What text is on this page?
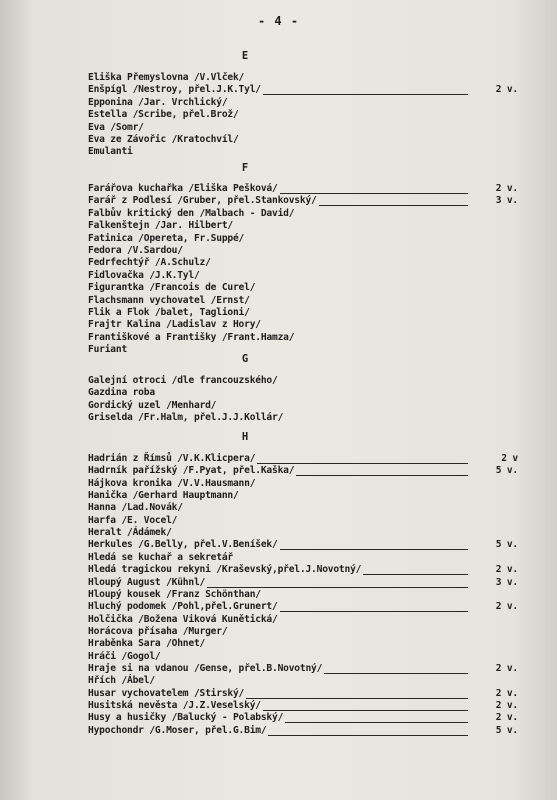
- 4 -
E
Eliška Přemyslovna /V.Vlček/
Enšpígl /Nestroy, přel.J.K.Tyl/	2 v.
Epponina /Jar. Vrchlický/
Estella /Scribe, přel.Brož/
Eva /Somr/
Eva ze Závořic /Kratochvíl/
Emulanti
F
Farářova kuchařka /Eliška Pešková/	2 v.
Farář z Podlesí /Gruber, přel.Stankovský/	3 v.
Falbův kritický den /Malbach - David/
Falkenštejn /Jar. Hilbert/
Fatinica /Opereta, Fr.Suppé/
Fedora /V.Sardou/
Fedrfechtýř /A.Schulz/
Fidlovačka /J.K.Tyl/
Figurantka /Francois de Curel/
Flachsmann vychovatel /Ernst/
Flik a Flok /balet, Taglioni/
Frajtr Kalina /Ladislav z Hory/
Františkové a Františky /Frant.Hamza/
Furiant
G
Galejní otroci /dle francouzského/
Gazdina roba
Gordický uzel /Menhard/
Griselda /Fr.Halm, přel.J.J.Kollár/
H
Hadrián z Římsů /V.K.Klicpera/	2 v
Hadrník pařížský /F.Pyat, přel.Kaška/	5 v.
Hájkova kronika /V.V.Hausmann/
Hanička /Gerhard Hauptmann/
Hanna /Lad.Novák/
Harfa /E. Vocel/
Heralt /Ádámek/
Herkules /G.Belly, přel.V.Beníšek/	5 v.
Hledá se kuchař a sekretář
Hledá tragickou rekyni /Kraševský,přel.J.Novotný/	2 v.
Hloupý August /Kühnl/	3 v.
Hloupý kousek /Franz Schönthan/
Hluchý podomek /Pohl,přel.Grunert/	2 v.
Holčička /Božena Viková Kunětická/
Horácova přísaha /Murger/
Hraběnka Sara /Ohnet/
Hráči /Gogol/
Hraje si na vdanou /Gense, přel.B.Novotný/	2 v.
Hřích /Ábel/
Husar vychovatelem /Stirský/	2 v.
Husitská nevěsta /J.Z.Veselský/	2 v.
Husy a husičky /Balucký - Polabský/	2 v.
Hypochondr /G.Moser, přel.G.Bim/	5 v.
